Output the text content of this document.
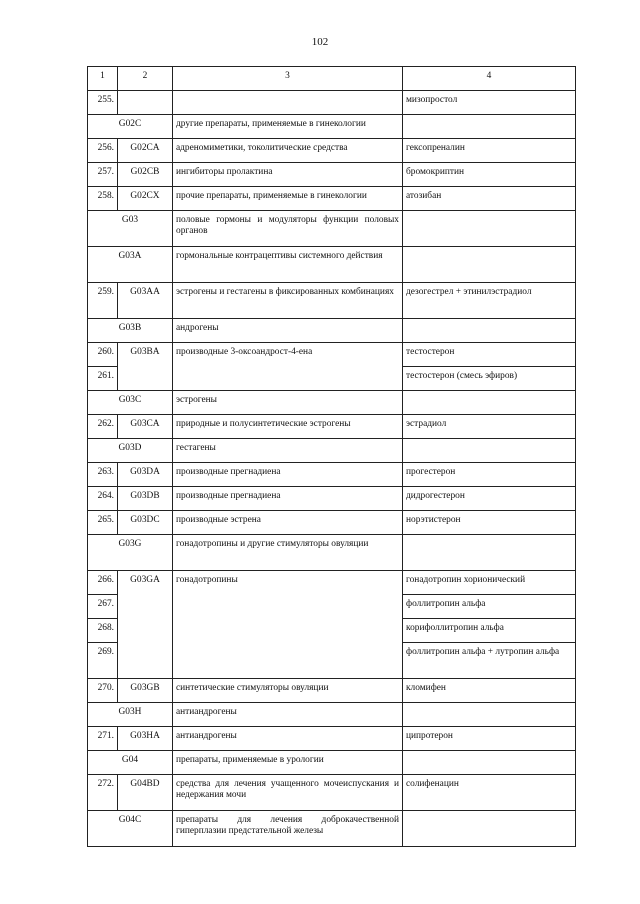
102
1	2	3	4
255.			мизопростол
G02C		другие препараты, применяемые в гинекологии	
256.	G02CA	адреномиметики, токолитические средства	гексопреналин
257.	G02CB	ингибиторы пролактина	бромокриптин
258.	G02CX	прочие препараты, применяемые в гинекологии	атозибан
G03		половые гормоны и модуляторы функции половых органов	
G03A		гормональные контрацептивы системного действия	
259.	G03AA	эстрогены и гестагены в фиксированных комбинациях	дезогестрел + этинилэстрадиол
G03B		андрогены	
260.	G03BA	производные 3-оксоандрост-4-ена	тестостерон
261.			тестостерон (смесь эфиров)
G03C		эстрогены	
262.	G03CA	природные и полусинтетические эстрогены	эстрадиол
G03D		гестагены	
263.	G03DA	производные прегнадиена	прогестерон
264.	G03DB	производные прегнадиена	дидрогестерон
265.	G03DC	производные эстрена	норэтистерон
G03G		гонадотропины и другие стимуляторы овуляции	
266.	G03GA	гонадотропины	гонадотропин хорионический
267.			фоллитропин альфа
268.			корифоллитропин альфа
269.			фоллитропин альфа + лутропин альфа
270.	G03GB	синтетические стимуляторы овуляции	кломифен
G03H		антиандрогены	
271.	G03HA	антиандрогены	ципротерон
G04		препараты, применяемые в урологии	
272.	G04BD	средства для лечения учащенного мочеиспускания и недержания мочи	солифенацин
G04C		препараты для лечения доброкачественной гиперплазии предстательной железы	
